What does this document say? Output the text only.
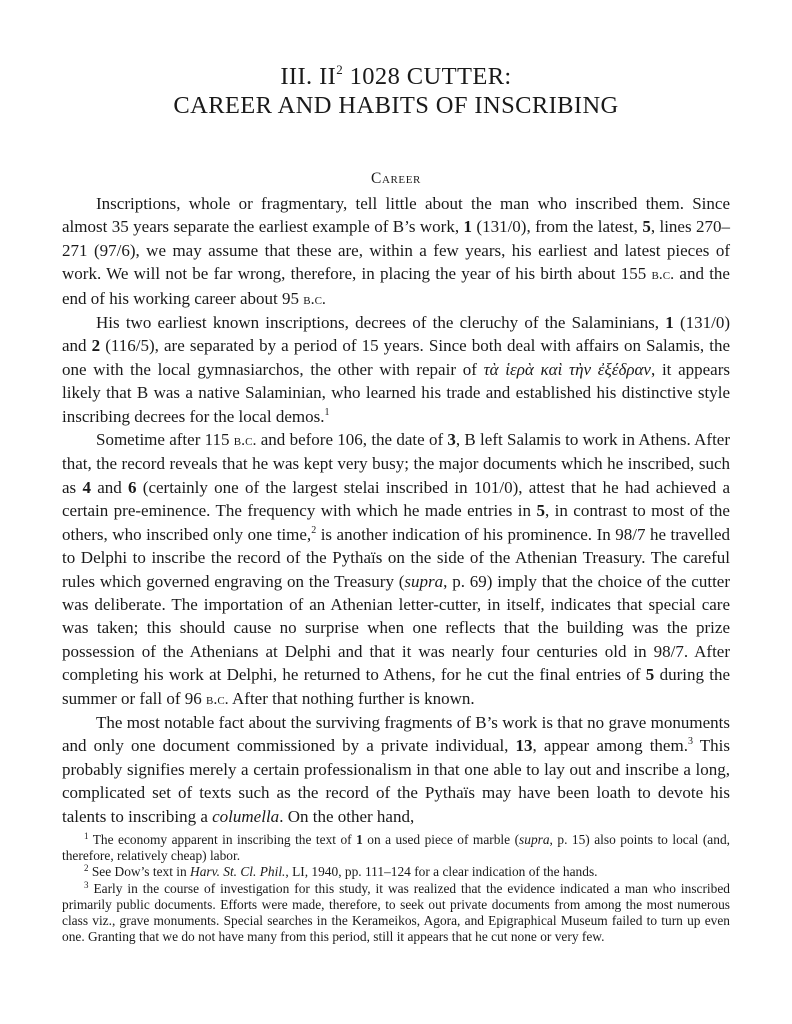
III. $II^2$ 1028 CUTTER:
CAREER AND HABITS OF INSCRIBING
Career

Inscriptions, whole or fragmentary, tell little about the man who inscribed them. Since almost 35 years separate the earliest example of B’s work, 1 (131/0), from the latest, 5, lines 270–271 (97/6), we may assume that these are, within a few years, his earliest and latest pieces of work. We will not be far wrong, therefore, in placing the year of his birth about 155 b.c. and the end of his working career about 95 b.c.

His two earliest known inscriptions, decrees of the cleruchy of the Salaminians, 1 (131/0) and 2 (116/5), are separated by a period of 15 years. Since both deal with affairs on Salamis, the one with the local gymnasiarchos, the other with repair of τὰ ἱερὰ καὶ τὴν ἐξέδραν, it appears likely that B was a native Salaminian, who learned his trade and established his distinctive style inscribing decrees for the local demos.$^1$

Sometime after 115 b.c. and before 106, the date of 3, B left Salamis to work in Athens. After that, the record reveals that he was kept very busy; the major documents which he inscribed, such as 4 and 6 (certainly one of the largest stelai inscribed in 101/0), attest that he had achieved a certain pre-eminence. The frequency with which he made entries in 5, in contrast to most of the others, who inscribed only one time,$^2$ is another indication of his prominence. In 98/7 he travelled to Delphi to inscribe the record of the Pythaïs on the side of the Athenian Treasury. The careful rules which governed engraving on the Treasury (supra, p. 69) imply that the choice of the cutter was deliberate. The importation of an Athenian letter-cutter, in itself, indicates that special care was taken; this should cause no surprise when one reflects that the building was the prize possession of the Athenians at Delphi and that it was nearly four centuries old in 98/7. After completing his work at Delphi, he returned to Athens, for he cut the final entries of 5 during the summer or fall of 96 b.c. After that nothing further is known.

The most notable fact about the surviving fragments of B’s work is that no grave monuments and only one document commissioned by a private individual, 13, appear among them.$^3$ This probably signifies merely a certain professionalism in that one able to lay out and inscribe a long, complicated set of texts such as the record of the Pythaïs may have been loath to devote his talents to inscribing a columella. On the other hand,

$^1$ The economy apparent in inscribing the text of 1 on a used piece of marble (supra, p. 15) also points to local (and, therefore, relatively cheap) labor.

$^2$ See Dow’s text in Harv. St. Cl. Phil., LI, 1940, pp. 111–124 for a clear indication of the hands.

$^3$ Early in the course of investigation for this study, it was realized that the evidence indicated a man who inscribed primarily public documents. Efforts were made, therefore, to seek out private documents from among the most numerous class viz., grave monuments. Special searches in the Kerameikos, Agora, and Epigraphical Museum failed to turn up even one. Granting that we do not have many from this period, still it appears that he cut none or very few.
